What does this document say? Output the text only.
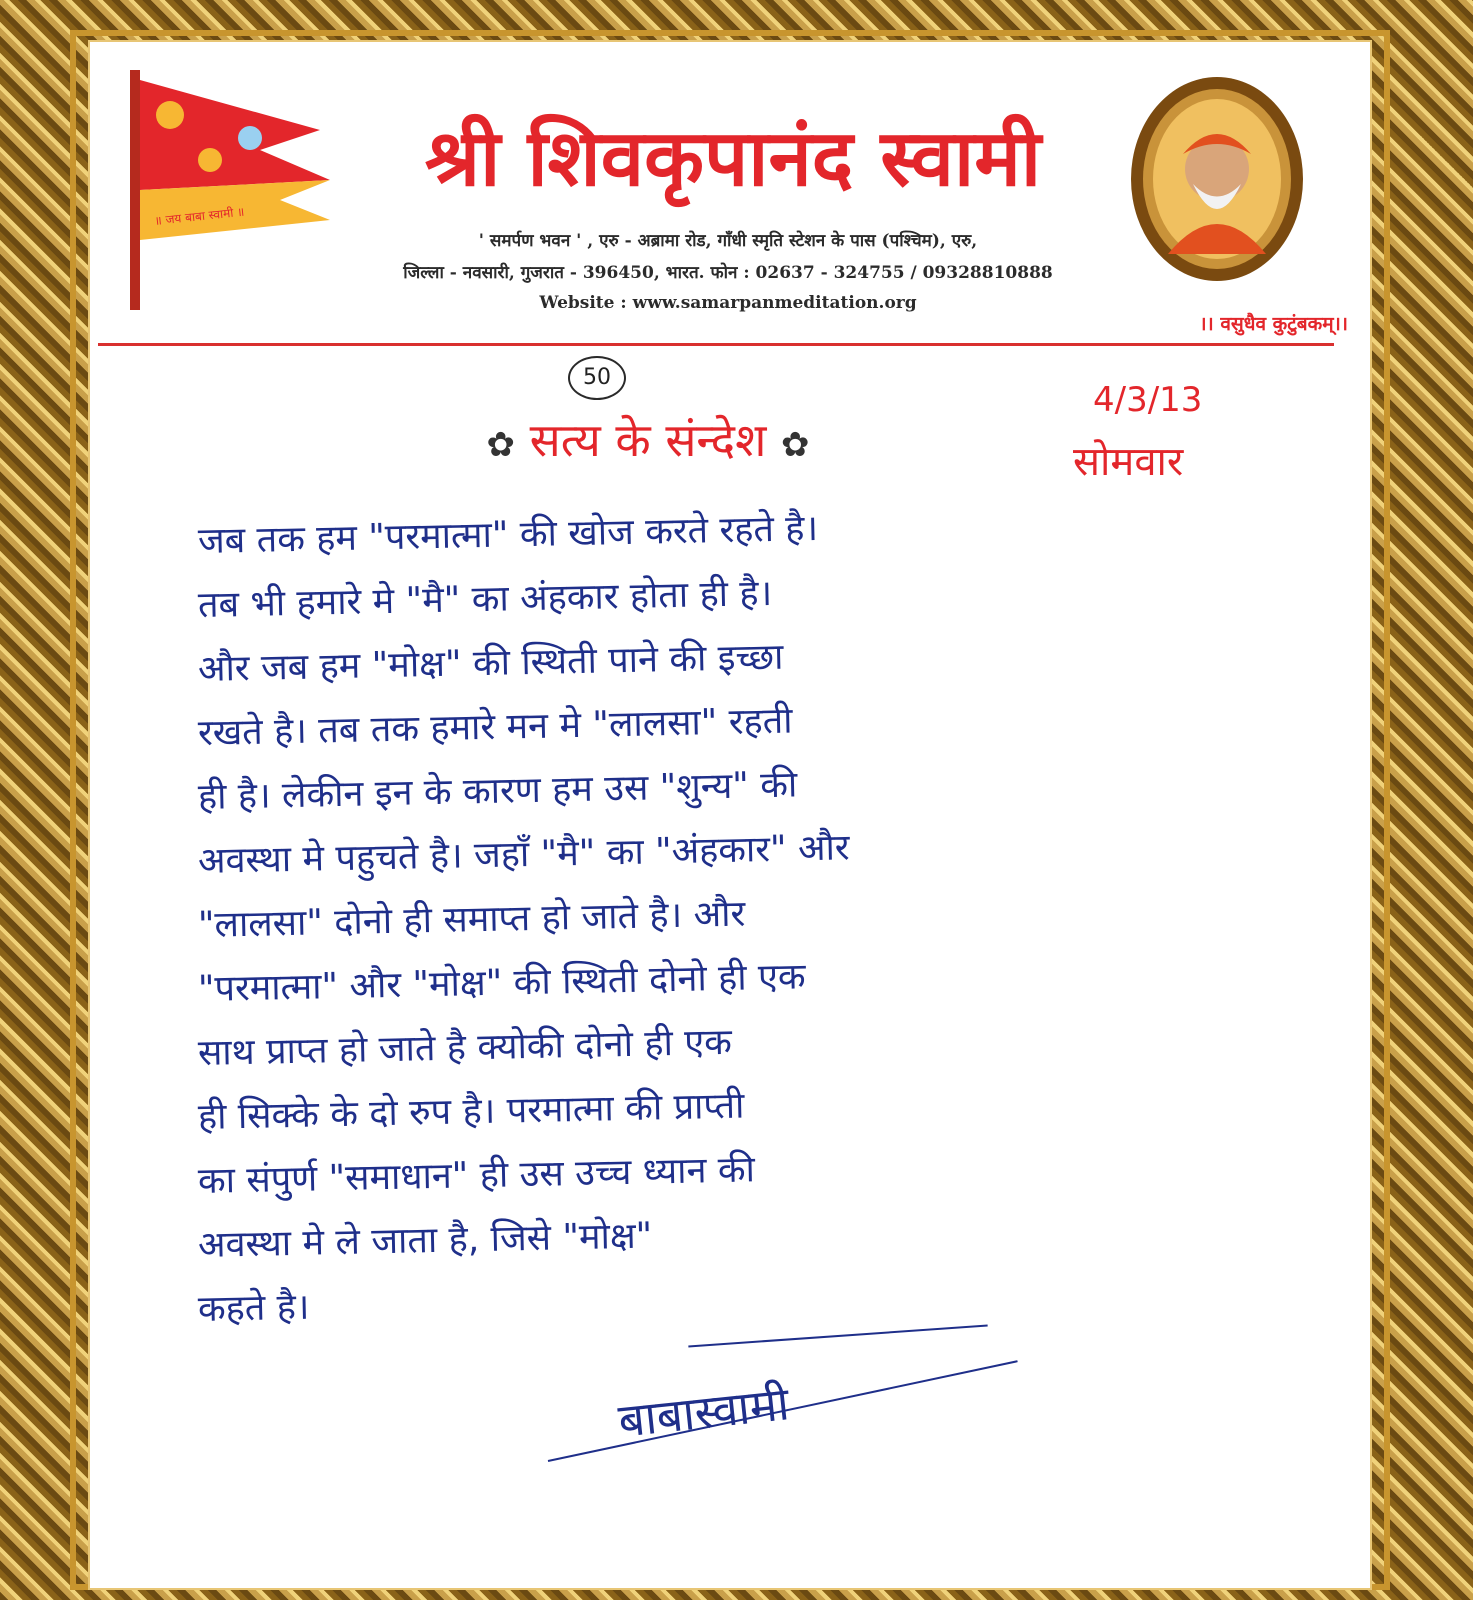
॥ जय बाबा स्वामी ॥
श्री शिवकृपानंद स्वामी
' समर्पण भवन ' , एरु - अब्रामा रोड, गाँधी स्मृति स्टेशन के पास (पश्चिम), एरु,
जिल्ला - नवसारी, गुजरात - 396450, भारत. फोन : 02637 - 324755 / 09328810888
Website : www.samarpanmeditation.org
।। वसुधैव कुटुंबकम्।।
50
✿ सत्य के संन्देश ✿
4/3/13
सोमवार
जब तक हम "परमात्मा" की खोज करते रहते है।
तब भी हमारे मे "मै" का अंहकार होता ही है।
और जब हम "मोक्ष" की स्थिती पाने की इच्छा
रखते है। तब तक हमारे मन मे "लालसा" रहती
ही है। लेकीन इन के कारण हम उस "शुन्य" की
अवस्था मे पहुचते है। जहाँ "मै" का "अंहकार" और
"लालसा" दोनो ही समाप्त हो जाते है। और
"परमात्मा" और "मोक्ष" की स्थिती दोनो ही एक
साथ प्राप्त हो जाते है क्योकी दोनो ही एक
ही सिक्के के दो रुप है। परमात्मा की प्राप्ती
का संपुर्ण "समाधान" ही उस उच्च ध्यान की
अवस्था मे ले जाता है, जिसे "मोक्ष"
कहते है।
बाबास्वामी
